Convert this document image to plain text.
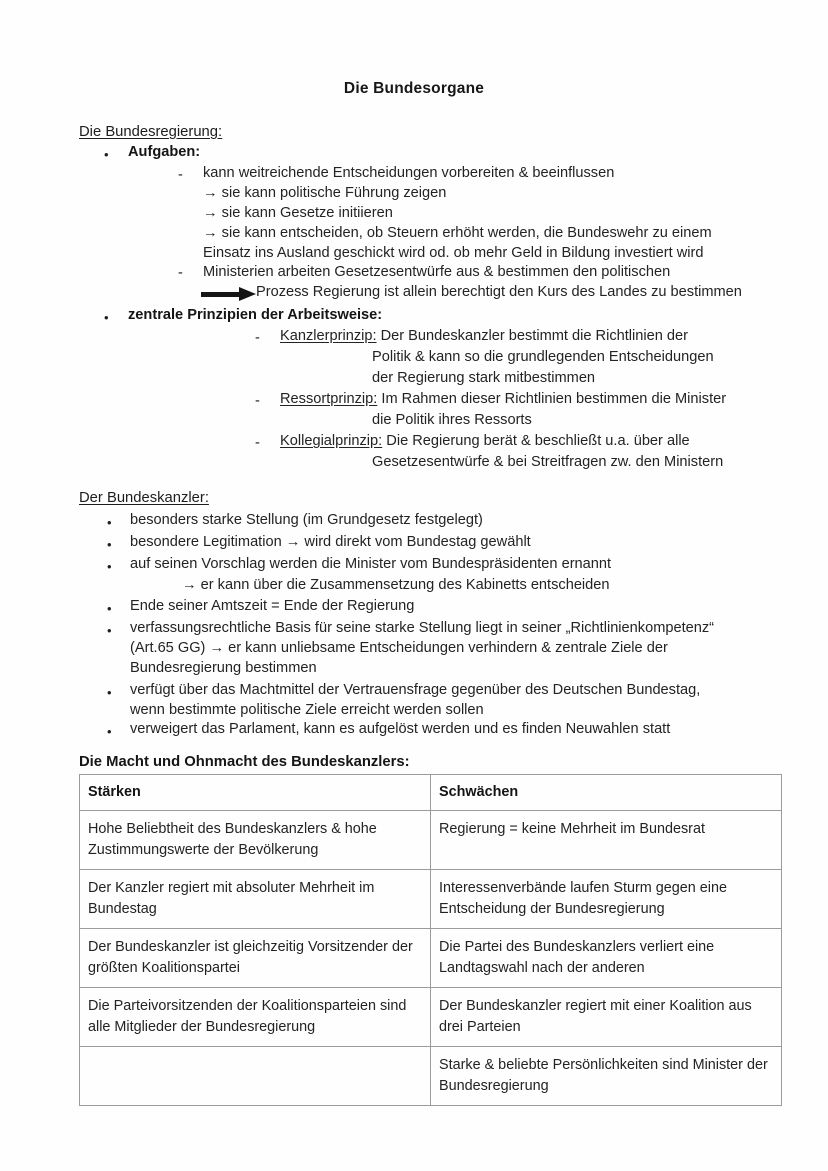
Die Bundesorgane
Die Bundesregierung:
• Aufgaben:
- kann weitreichende Entscheidungen vorbereiten & beeinflussen
→ sie kann politische Führung zeigen
→ sie kann Gesetze initiieren
→ sie kann entscheiden, ob Steuern erhöht werden, die Bundeswehr zu einem
Einsatz ins Ausland geschickt wird od. ob mehr Geld in Bildung investiert wird
- Ministerien arbeiten Gesetzesentwürfe aus & bestimmen den politischen
Prozess Regierung ist allein berechtigt den Kurs des Landes zu bestimmen
• zentrale Prinzipien der Arbeitsweise:
- Kanzlerprinzip: Der Bundeskanzler bestimmt die Richtlinien der
Politik & kann so die grundlegenden Entscheidungen
der Regierung stark mitbestimmen
- Ressortprinzip: Im Rahmen dieser Richtlinien bestimmen die Minister
die Politik ihres Ressorts
- Kollegialprinzip: Die Regierung berät & beschließt u.a. über alle
Gesetzesentwürfe & bei Streitfragen zw. den Ministern
Der Bundeskanzler:
• besonders starke Stellung (im Grundgesetz festgelegt)
• besondere Legitimation → wird direkt vom Bundestag gewählt
• auf seinen Vorschlag werden die Minister vom Bundespräsidenten ernannt
→ er kann über die Zusammensetzung des Kabinetts entscheiden
• Ende seiner Amtszeit = Ende der Regierung
• verfassungsrechtliche Basis für seine starke Stellung liegt in seiner „Richtlinienkompetenz“
(Art.65 GG) → er kann unliebsame Entscheidungen verhindern & zentrale Ziele der
Bundesregierung bestimmen
• verfügt über das Machtmittel der Vertrauensfrage gegenüber des Deutschen Bundestag,
wenn bestimmte politische Ziele erreicht werden sollen
• verweigert das Parlament, kann es aufgelöst werden und es finden Neuwahlen statt
Die Macht und Ohnmacht des Bundeskanzlers:
Stärken	Schwächen
Hohe Beliebtheit des Bundeskanzlers & hohe Zustimmungswerte der Bevölkerung	Regierung = keine Mehrheit im Bundesrat
Der Kanzler regiert mit absoluter Mehrheit im Bundestag	Interessenverbände laufen Sturm gegen eine Entscheidung der Bundesregierung
Der Bundeskanzler ist gleichzeitig Vorsitzender der größten Koalitionspartei	Die Partei des Bundeskanzlers verliert eine Landtagswahl nach der anderen
Die Parteivorsitzenden der Koalitionsparteien sind alle Mitglieder der Bundesregierung	Der Bundeskanzler regiert mit einer Koalition aus drei Parteien
	Starke & beliebte Persönlichkeiten sind Minister der Bundesregierung
